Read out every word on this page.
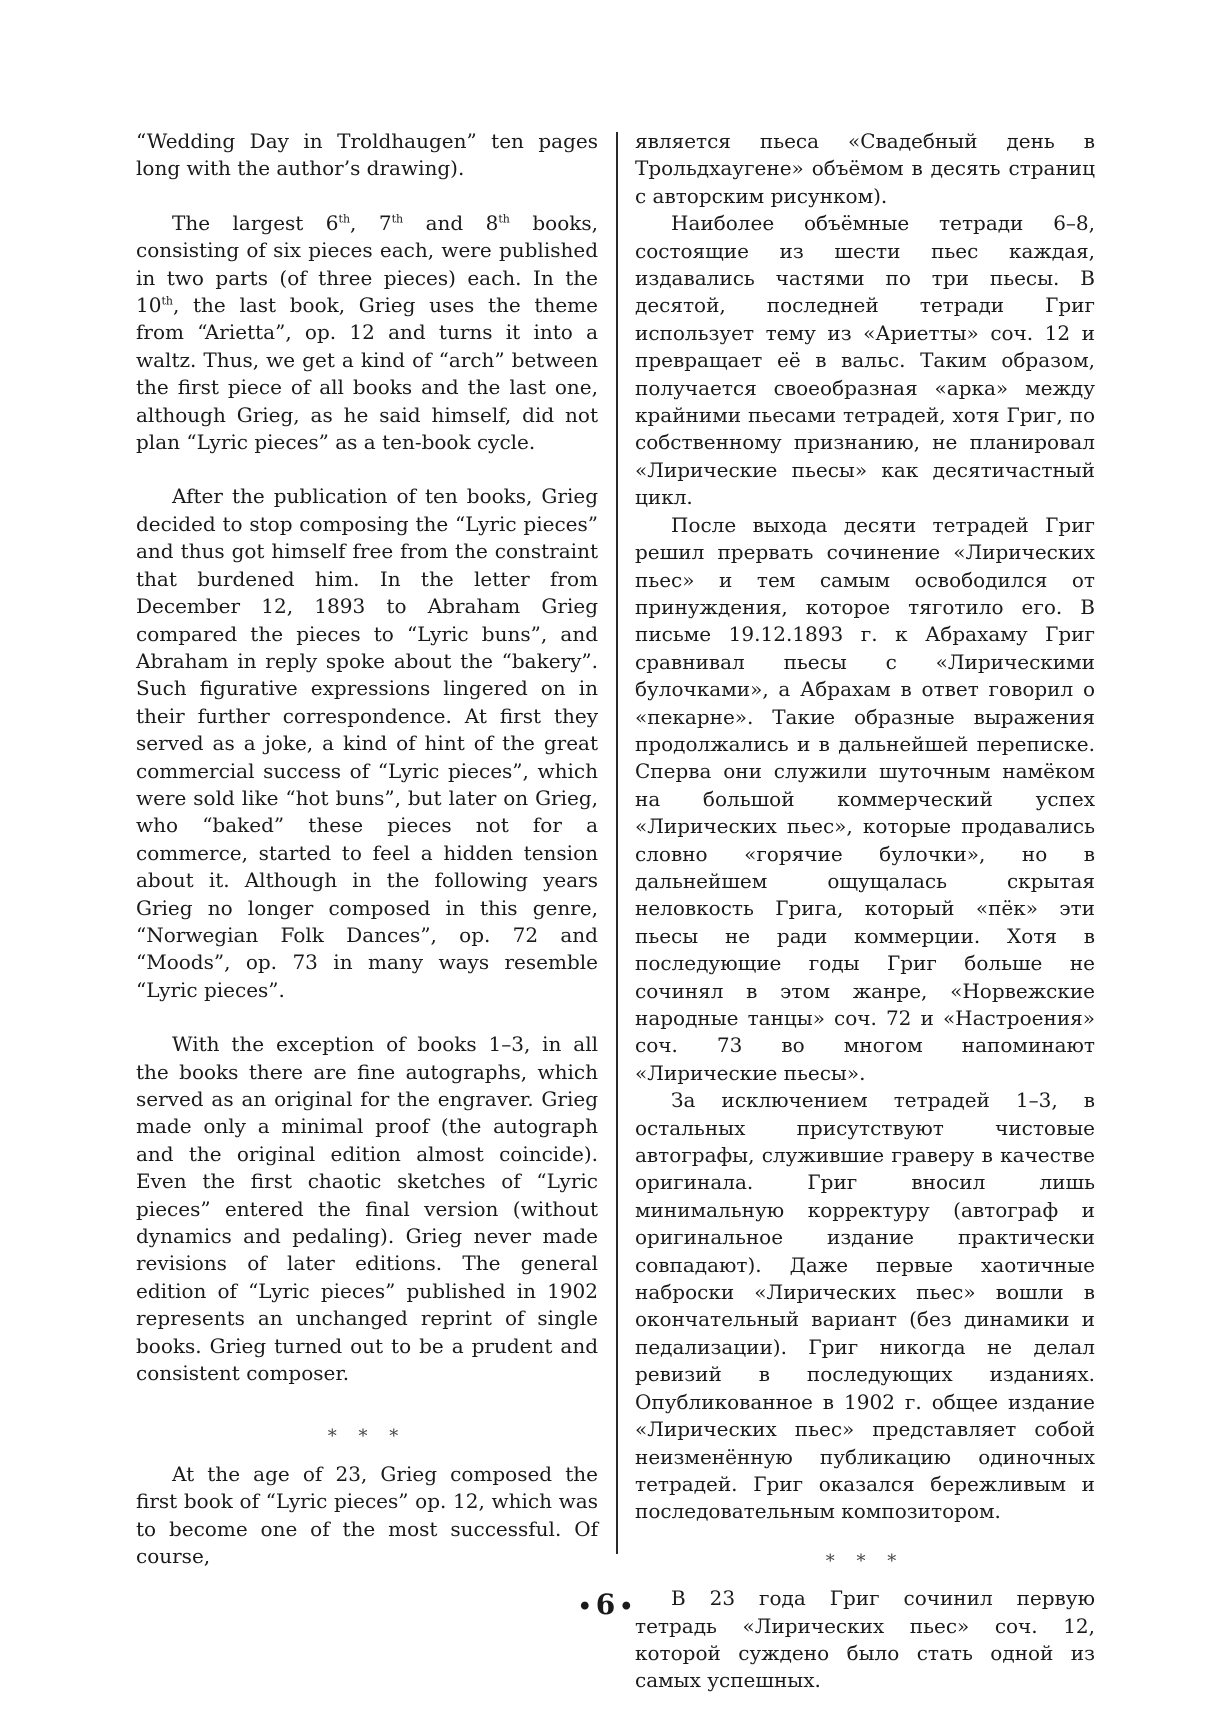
“Wedding Day in Troldhaugen” ten pages long with the author’s drawing).

The largest 6th, 7th and 8th books, consisting of six pieces each, were published in two parts (of three pieces) each. In the 10th, the last book, Grieg uses the theme from “Arietta”, op. 12 and turns it into a waltz. Thus, we get a kind of “arch” between the first piece of all books and the last one, although Grieg, as he said himself, did not plan “Lyric pieces” as a ten-book cycle.

After the publication of ten books, Grieg decided to stop composing the “Lyric pieces” and thus got himself free from the constraint that burdened him. In the letter from December 12, 1893 to Abraham Grieg compared the pieces to “Lyric buns”, and Abraham in reply spoke about the “bakery”. Such figurative expressions lingered on in their further correspondence. At first they served as a joke, a kind of hint of the great commercial success of “Lyric pieces”, which were sold like “hot buns”, but later on Grieg, who “baked” these pieces not for a commerce, started to feel a hidden tension about it. Although in the following years Grieg no longer composed in this genre, “Norwegian Folk Dances”, op. 72 and “Moods”, op. 73 in many ways resemble “Lyric pieces”.

With the exception of books 1–3, in all the books there are fine autographs, which served as an original for the engraver. Grieg made only a minimal proof (the autograph and the original edition almost coincide). Even the first chaotic sketches of “Lyric pieces” entered the final version (without dynamics and pedaling). Grieg never made revisions of later editions. The general edition of “Lyric pieces” published in 1902 represents an unchanged reprint of single books. Grieg turned out to be a prudent and consistent composer.

* * *

At the age of 23, Grieg composed the first book of “Lyric pieces” op. 12, which was to become one of the most successful. Of course,

является пьеса «Свадебный день в Трольдхаугене» объёмом в десять страниц с авторским рисунком).

Наиболее объёмные тетради 6–8, состоящие из шести пьес каждая, издавались частями по три пьесы. В десятой, последней тетради Григ использует тему из «Ариетты» соч. 12 и превращает её в вальс. Таким образом, получается своеобразная «арка» между крайними пьесами тетрадей, хотя Григ, по собственному признанию, не планировал «Лирические пьесы» как десятичастный цикл.

После выхода десяти тетрадей Григ решил прервать сочинение «Лирических пьес» и тем самым освободился от принуждения, которое тяготило его. В письме 19.12.1893 г. к Абрахаму Григ сравнивал пьесы с «Лирическими булочками», а Абрахам в ответ говорил о «пекарне». Такие образные выражения продолжались и в дальнейшей переписке. Сперва они служили шуточным намёком на большой коммерческий успех «Лирических пьес», которые продавались словно «горячие булочки», но в дальнейшем ощущалась скрытая неловкость Грига, который «пёк» эти пьесы не ради коммерции. Хотя в последующие годы Григ больше не сочинял в этом жанре, «Норвежские народные танцы» соч. 72 и «Настроения» соч. 73 во многом напоминают «Лирические пьесы».

За исключением тетрадей 1–3, в остальных присутствуют чистовые автографы, служившие граверу в качестве оригинала. Григ вносил лишь минимальную корректуру (автограф и оригинальное издание практически совпадают). Даже первые хаотичные наброски «Лирических пьес» вошли в окончательный вариант (без динамики и педализации). Григ никогда не делал ревизий в последующих изданиях. Опубликованное в 1902 г. общее издание «Лирических пьес» представляет собой неизменённую публикацию одиночных тетрадей. Григ оказался бережливым и последовательным композитором.

* * *

В 23 года Григ сочинил первую тетрадь «Лирических пьес» соч. 12, которой суждено было стать одной из самых успешных.

• 6 •
